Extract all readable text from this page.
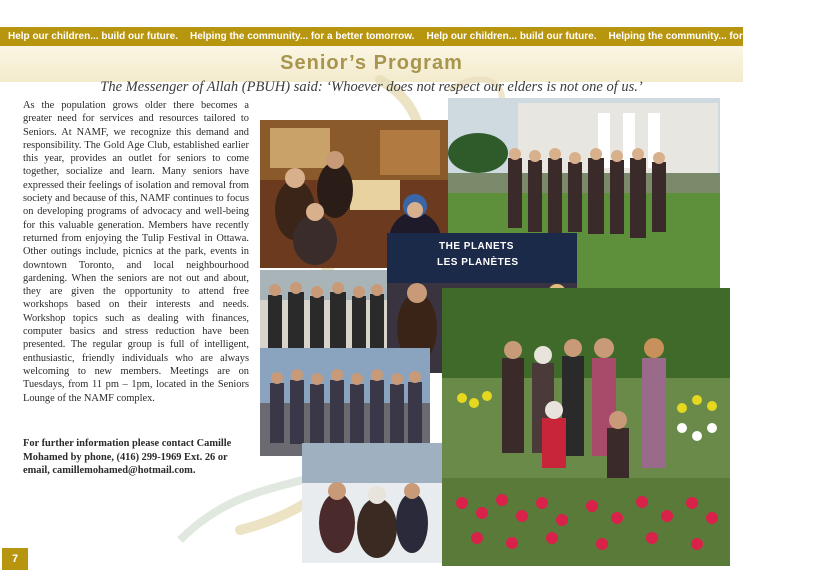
Help our children... build our future.	Helping the community... for a better tomorrow.	Help our children... build our future.	Helping the community... for a better tomorrow.
Senior’s Program

The Messenger of Allah (PBUH) said: ‘Whoever does not respect our elders is not one of us.’

As the population grows older there becomes a greater need for services and resources tailored to Seniors. At NAMF, we recognize this demand and responsibility. The Gold Age Club, established earlier this year, provides an outlet for seniors to come together, socialize and learn. Many seniors have expressed their feelings of isolation and removal from society and because of this, NAMF continues to focus on developing programs of advocacy and well-being for this valuable generation. Members have recently returned from enjoying the Tulip Festival in Ottawa. Other outings include, picnics at the park, events in downtown Toronto, and local neighbourhood gardening. When the seniors are not out and about, they are given the opportunity to attend free workshops based on their interests and needs. Workshop topics such as dealing with finances, computer basics and stress reduction have been presented. The regular group is full of intelligent, enthusiastic, friendly individuals who are always welcoming to new members. Meetings are on Tuesdays, from 11 pm – 1pm, located in the Seniors Lounge of the NAMF complex.

For further information please contact Camille Mohamed by phone, (416) 299-1969 Ext. 26 or email, camillemohamed@hotmail.com.

THE PLANETS
LES PLANÈTES
7
